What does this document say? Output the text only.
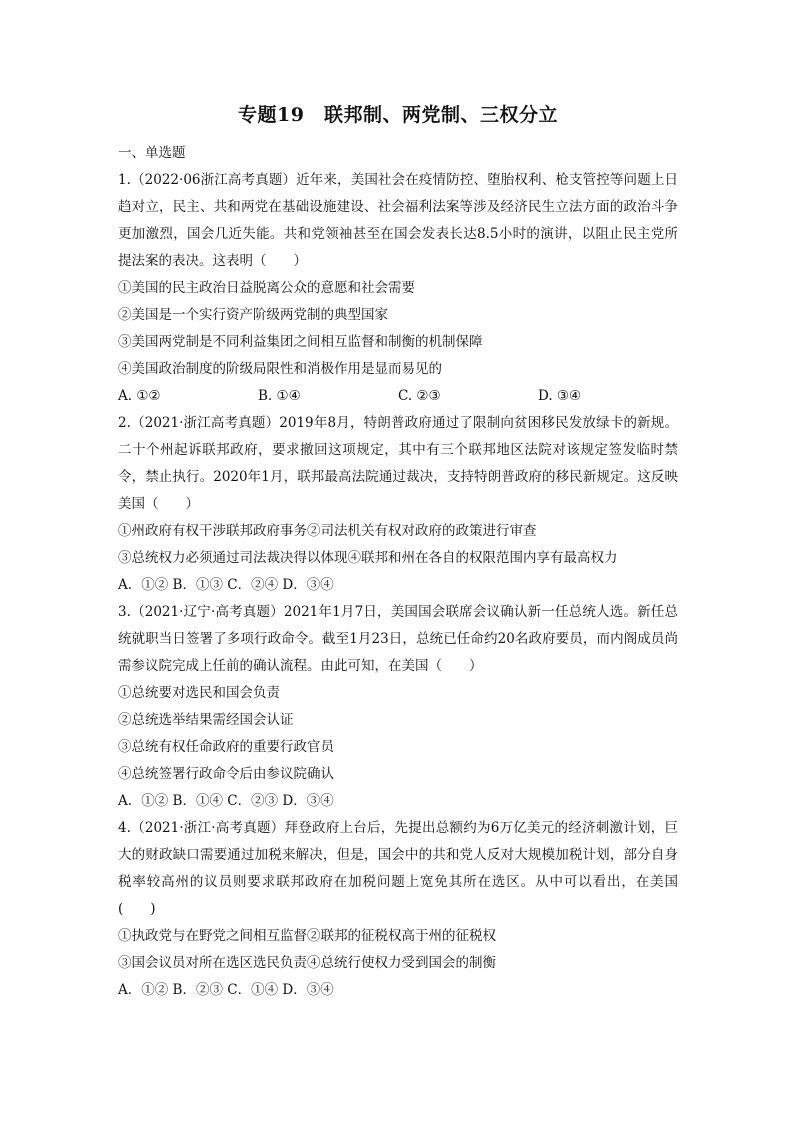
专题19　联邦制、两党制、三权分立
一、单选题

1.（2022·06浙江高考真题）近年来，美国社会在疫情防控、堕胎权利、枪支管控等问题上日趋对立，民主、共和两党在基础设施建设、社会福利法案等涉及经济民生立法方面的政治斗争更加激烈，国会几近失能。共和党领袖甚至在国会发表长达8.5小时的演讲，以阻止民主党所提法案的表决。这表明（　　）

①美国的民主政治日益脱离公众的意愿和社会需要

②美国是一个实行资产阶级两党制的典型国家

③美国两党制是不同利益集团之间相互监督和制衡的机制保障

④美国政治制度的阶级局限性和消极作用是显而易见的

A. ①②	B. ①④	C. ②③	D. ③④

2.（2021·浙江高考真题）2019年8月，特朗普政府通过了限制向贫困移民发放绿卡的新规。二十个州起诉联邦政府，要求撤回这项规定，其中有三个联邦地区法院对该规定签发临时禁令，禁止执行。2020年1月，联邦最高法院通过裁决，支持特朗普政府的移民新规定。这反映美国（　　）

①州政府有权干涉联邦政府事务②司法机关有权对政府的政策进行审查

③总统权力必须通过司法裁决得以体现④联邦和州在各自的权限范围内享有最高权力

A．①② B．①③ C．②④ D．③④

3.（2021·辽宁·高考真题）2021年1月7日，美国国会联席会议确认新一任总统人选。新任总统就职当日签署了多项行政命令。截至1月23日，总统已任命约20名政府要员，而内阁成员尚需参议院完成上任前的确认流程。由此可知，在美国（　　）

①总统要对选民和国会负责

②总统选举结果需经国会认证

③总统有权任命政府的重要行政官员

④总统签署行政命令后由参议院确认

A．①② B．①④ C．②③ D．③④

4.（2021·浙江·高考真题）拜登政府上台后，先提出总额约为6万亿美元的经济刺激计划，巨大的财政缺口需要通过加税来解决，但是，国会中的共和党人反对大规模加税计划，部分自身税率较高州的议员则要求联邦政府在加税问题上宽免其所在选区。从中可以看出，在美国(　　)

①执政党与在野党之间相互监督②联邦的征税权高于州的征税权

③国会议员对所在选区选民负责④总统行使权力受到国会的制衡

A．①② B．②③ C．①④ D．③④
